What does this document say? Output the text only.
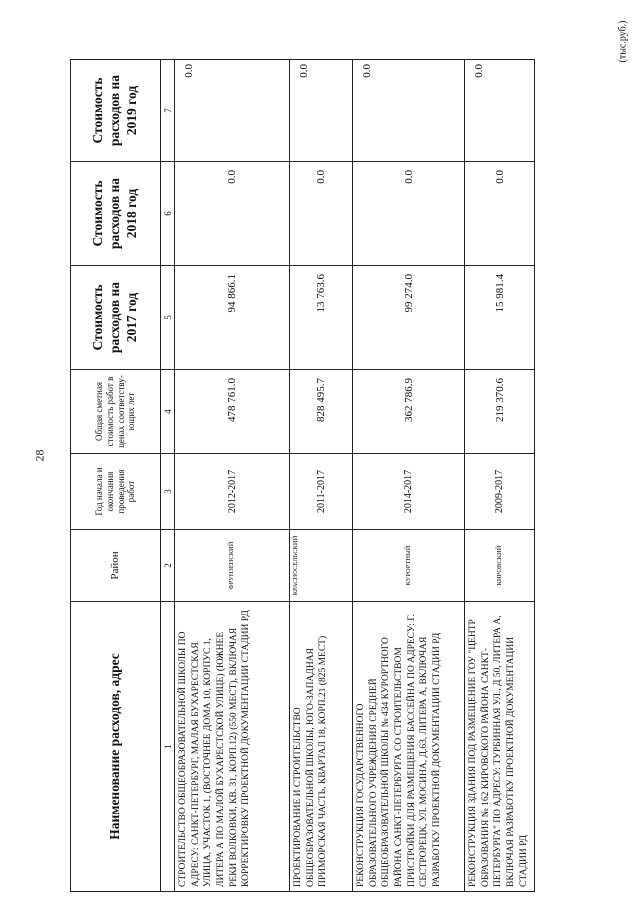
28
(тыс.руб.)
Наименование расходов, адрес	Район	Год начала и окончания проведения работ	Общая сметная стоимость работ в ценах соответству-ющих лет	Стоимость расходов на 2017 год	Стоимость расходов на 2018 год	Стоимость расходов на 2019 год
1	2	3	4	5	6	7
СТРОИТЕЛЬСТВО ОБЩЕОБРАЗОВАТЕЛЬНОЙ ШКОЛЫ ПО АДРЕСУ: САНКТ-ПЕТЕРБУРГ, МАЛАЯ БУХАРЕСТСКАЯ УЛИЦА, УЧАСТОК 1, (ВОСТОЧНЕЕ ДОМА 10, КОРПУС 1, ЛИТЕРА А ПО МАЛОЙ БУХАРЕСТСКОЙ УЛИЦЕ) (ЮЖНЕЕ РЕКИ ВОЛКОВКИ, КВ. 31, КОРП.12) (550 МЕСТ), ВКЛЮЧАЯ КОРРЕКТИРОВКУ ПРОЕКТНОЙ ДОКУМЕНТАЦИИ СТАДИИ РД	ФРУНЗЕНСКИЙ	2012-2017	478 761.0	94 866.1	0.0	0.0
ПРОЕКТИРОВАНИЕ И СТРОИТЕЛЬСТВО ОБЩЕОБРАЗОВАТЕЛЬНОЙ ШКОЛЫ, ЮГО-ЗАПАДНАЯ ПРИМОРСКАЯ ЧАСТЬ, КВАРТАЛ 18, КОРП.21 (825 МЕСТ)	КРАСНОСЕЛЬСКИЙ	2011-2017	828 495.7	13 763.6	0.0	0.0
РЕКОНСТРУКЦИЯ ГОСУДАРСТВЕННОГО ОБРАЗОВАТЕЛЬНОГО УЧРЕЖДЕНИЯ СРЕДНЕЙ ОБЩЕОБРАЗОВАТЕЛЬНОЙ ШКОЛЫ № 434 КУРОРТНОГО РАЙОНА САНКТ-ПЕТЕРБУРГА СО СТРОИТЕЛЬСТВОМ ПРИСТРОЙКИ ДЛЯ РАЗМЕЩЕНИЯ БАССЕЙНА ПО АДРЕСУ: Г. СЕСТРОРЕЦК, УЛ. МОСИНА, Д.63, ЛИТЕРА А, ВКЛЮЧАЯ РАЗРАБОТКУ ПРОЕКТНОЙ ДОКУМЕНТАЦИИ СТАДИИ РД	КУРОРТНЫЙ	2014-2017	362 786.9	99 274.0	0.0	0.0
РЕКОНСТРУКЦИЯ ЗДАНИЯ ПОД РАЗМЕЩЕНИЕ ГОУ "ЦЕНТР ОБРАЗОВАНИЯ № 162 КИРОВСКОГО РАЙОНА САНКТ-ПЕТЕРБУРГА" ПО АДРЕСУ: ТУРБИННАЯ УЛ., Д 50, ЛИТЕРА А, ВКЛЮЧАЯ РАЗРАБОТКУ ПРОЕКТНОЙ ДОКУМЕНТАЦИИ СТАДИИ РД	КИРОВСКИЙ	2009-2017	219 370.6	15 981.4	0.0	0.0
